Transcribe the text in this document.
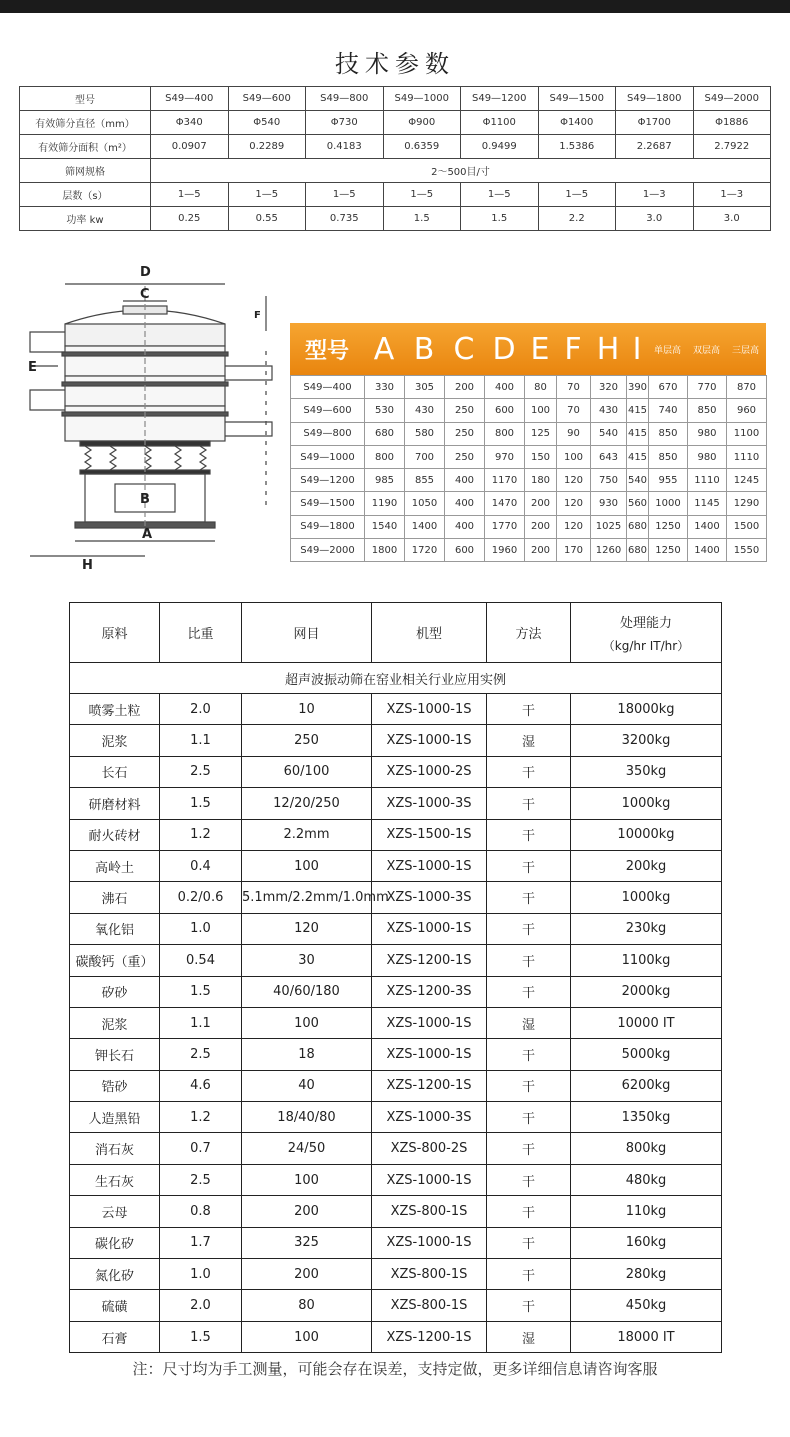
技术参数
型号	S49—400	S49—600	S49—800	S49—1000	S49—1200	S49—1500	S49—1800	S49—2000
有效筛分直径（mm）	Φ340	Φ540	Φ730	Φ900	Φ1100	Φ1400	Φ1700	Φ1886
有效筛分面积（m²）	0.0907	0.2289	0.4183	0.6359	0.9499	1.5386	2.2687	2.7922
筛网规格	2～500目/寸							
层数（s）	1—5	1—5	1—5	1—5	1—5	1—5	1—3	1—3
功率 kw	0.25	0.55	0.735	1.5	1.5	2.2	3.0	3.0
D
C
F
E
B
A
H
型号 A B C D E F H I	单层高	双层高	三层高
S49—400	330	305	200	400	80	70	320	390	670	770	870
S49—600	530	430	250	600	100	70	430	415	740	850	960
S49—800	680	580	250	800	125	90	540	415	850	980	1100
S49—1000	800	700	250	970	150	100	643	415	850	980	1110
S49—1200	985	855	400	1170	180	120	750	540	955	1110	1245
S49—1500	1190	1050	400	1470	200	120	930	560	1000	1145	1290
S49—1800	1540	1400	400	1770	200	120	1025	680	1250	1400	1500
S49—2000	1800	1720	600	1960	200	170	1260	680	1250	1400	1550
原料	比重	网目	机型	方法	处理能力
（kg/hr IT/hr）

超声波振动筛在窑业相关行业应用实例					
喷雾土粒	2.0	10	XZS-1000-1S	干	18000kg
泥浆	1.1	250	XZS-1000-1S	湿	3200kg
长石	2.5	60/100	XZS-1000-2S	干	350kg
研磨材料	1.5	12/20/250	XZS-1000-3S	干	1000kg
耐火砖材	1.2	2.2mm	XZS-1500-1S	干	10000kg
高岭土	0.4	100	XZS-1000-1S	干	200kg
沸石	0.2/0.6	5.1mm/2.2mm/1.0mm	XZS-1000-3S	干	1000kg
氧化铝	1.0	120	XZS-1000-1S	干	230kg
碳酸钙（重）	0.54	30	XZS-1200-1S	干	1100kg
矽砂	1.5	40/60/180	XZS-1200-3S	干	2000kg
泥浆	1.1	100	XZS-1000-1S	湿	10000 IT
钾长石	2.5	18	XZS-1000-1S	干	5000kg
锆砂	4.6	40	XZS-1200-1S	干	6200kg
人造黑铅	1.2	18/40/80	XZS-1000-3S	干	1350kg
消石灰	0.7	24/50	XZS-800-2S	干	800kg
生石灰	2.5	100	XZS-1000-1S	干	480kg
云母	0.8	200	XZS-800-1S	干	110kg
碳化矽	1.7	325	XZS-1000-1S	干	160kg
氮化矽	1.0	200	XZS-800-1S	干	280kg
硫磺	2.0	80	XZS-800-1S	干	450kg
石膏	1.5	100	XZS-1200-1S	湿	18000 IT
注：尺寸均为手工测量，可能会存在误差，支持定做，更多详细信息请咨询客服
